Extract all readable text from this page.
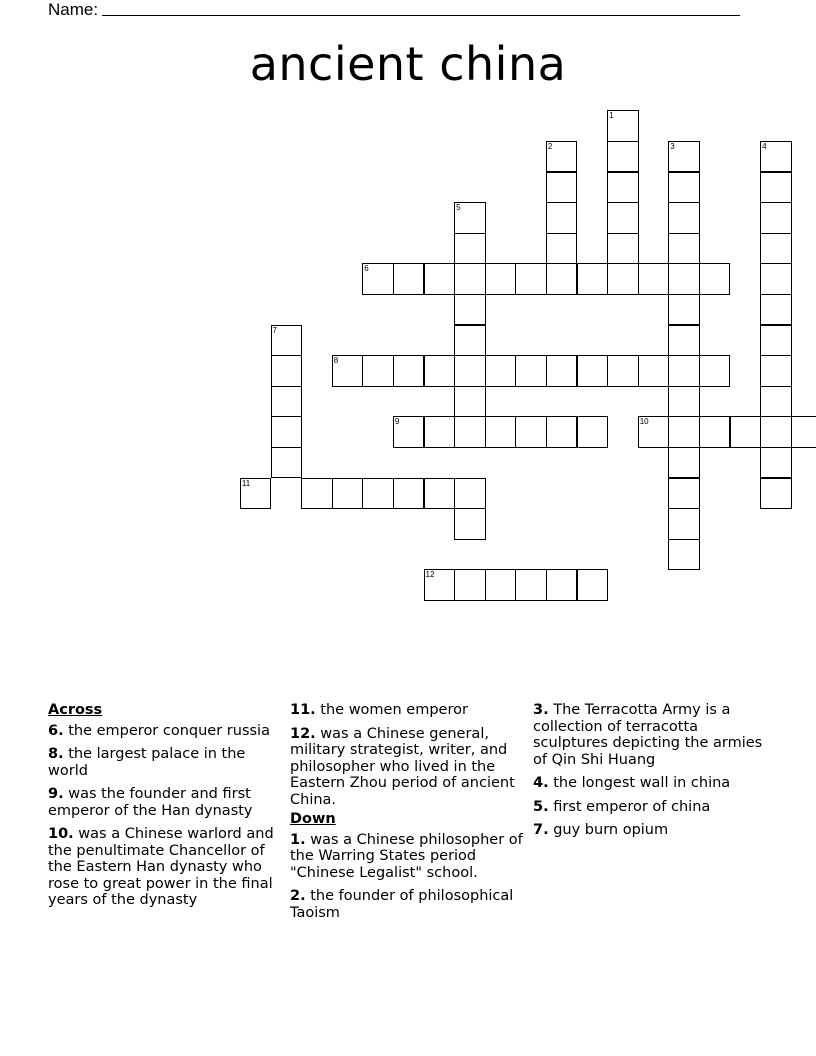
Name:
ancient china
1
2	3	4
5
6
7
8
9	10
11
12
Across
6. the emperor conquer russia
8. the largest palace in the world
9. was the founder and first emperor of the Han dynasty
10. was a Chinese warlord and the penultimate Chancellor of the Eastern Han dynasty who rose to great power in the final years of the dynasty
11. the women emperor
12. was a Chinese general, military strategist, writer, and philosopher who lived in the Eastern Zhou period of ancient China.
Down
1. was a Chinese philosopher of the Warring States period "Chinese Legalist" school.
2. the founder of philosophical Taoism
3. The Terracotta Army is a collection of terracotta sculptures depicting the armies of Qin Shi Huang
4. the longest wall in china
5. first emperor of china
7. guy burn opium
